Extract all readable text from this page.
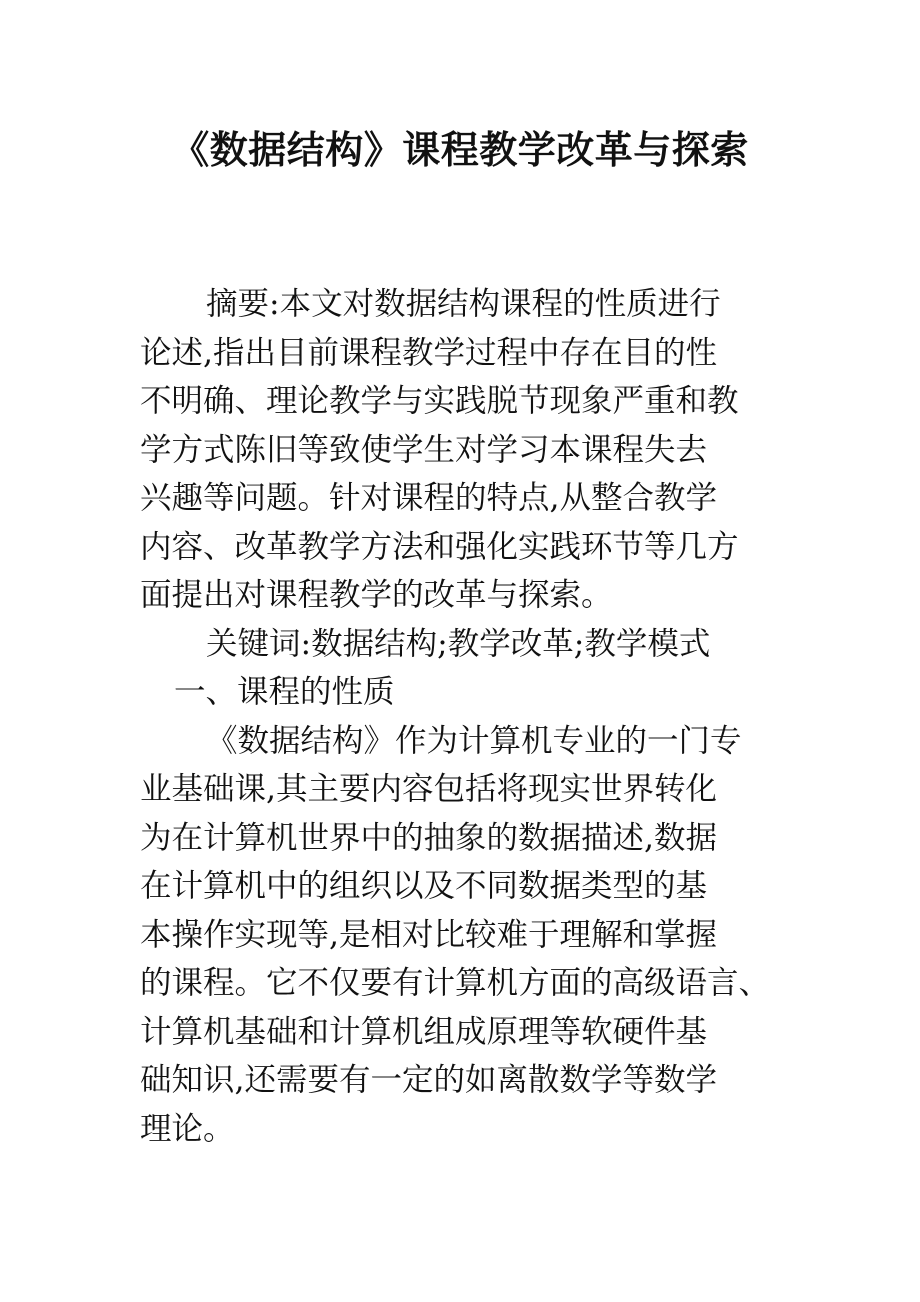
《数据结构》课程教学改革与探索
摘要:本文对数据结构课程的性质进行
论述,指出目前课程教学过程中存在目的性
不明确、理论教学与实践脱节现象严重和教
学方式陈旧等致使学生对学习本课程失去
兴趣等问题。针对课程的特点,从整合教学
内容、改革教学方法和强化实践环节等几方
面提出对课程教学的改革与探索。
关键词:数据结构;教学改革;教学模式
一、课程的性质
《数据结构》作为计算机专业的一门专
业基础课,其主要内容包括将现实世界转化
为在计算机世界中的抽象的数据描述,数据
在计算机中的组织以及不同数据类型的基
本操作实现等,是相对比较难于理解和掌握
的课程。它不仅要有计算机方面的高级语言、
计算机基础和计算机组成原理等软硬件基
础知识,还需要有一定的如离散数学等数学
理论。
